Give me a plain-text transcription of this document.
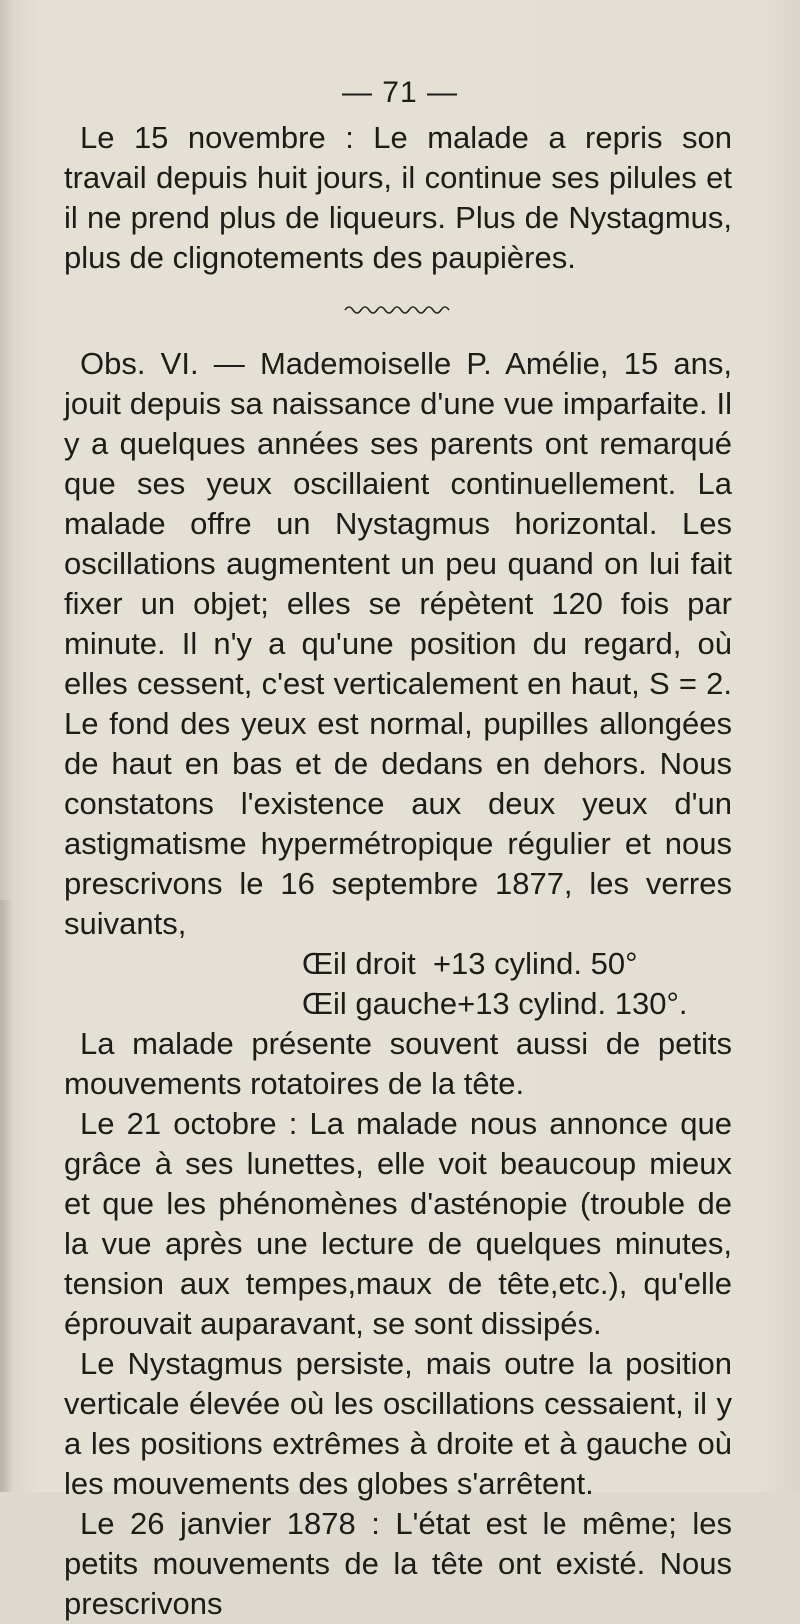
— 71 —

Le 15 novembre : Le malade a repris son travail depuis huit jours, il continue ses pilules et il ne prend plus de liqueurs. Plus de Nystagmus, plus de clignotements des paupières.

Obs. VI. — Mademoiselle P. Amélie, 15 ans, jouit depuis sa naissance d'une vue imparfaite. Il y a quelques années ses parents ont remarqué que ses yeux oscillaient continuellement. La malade offre un Nystagmus horizontal. Les oscillations augmentent un peu quand on lui fait fixer un objet; elles se répètent 120 fois par minute. Il n'y a qu'une position du regard, où elles cessent, c'est verticalement en haut, S = 2. Le fond des yeux est normal, pupilles allongées de haut en bas et de dedans en dehors. Nous constatons l'existence aux deux yeux d'un astigmatisme hypermétropique régulier et nous prescrivons le 16 septembre 1877, les verres suivants,

Œil droit  +13 cylind. 50°

Œil gauche+13 cylind. 130°.

La malade présente souvent aussi de petits mouvements rotatoires de la tête.

Le 21 octobre : La malade nous annonce que grâce à ses lunettes, elle voit beaucoup mieux et que les phénomènes d'asténopie (trouble de la vue après une lecture de quelques minutes, tension aux tempes,maux de tête,etc.), qu'elle éprouvait auparavant, se sont dissipés.

Le Nystagmus persiste, mais outre la position verticale élevée où les oscillations cessaient, il y a les positions extrêmes à droite et à gauche où les mouvements des globes s'arrêtent.

Le 26 janvier 1878 : L'état est le même; les petits mouvements de la tête ont existé. Nous prescrivons
